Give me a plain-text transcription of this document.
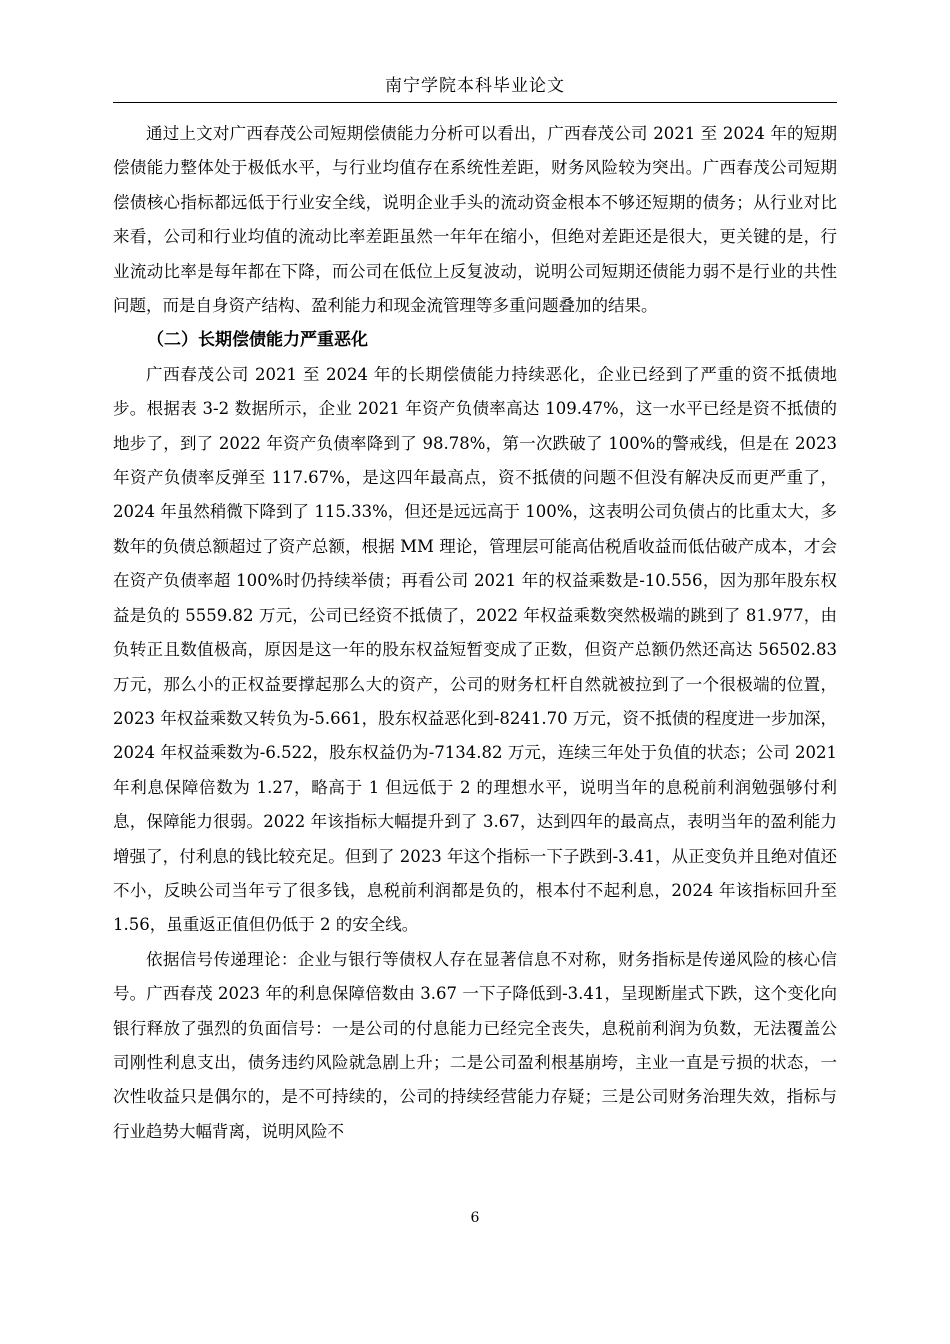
南宁学院本科毕业论文

通过上文对广西春茂公司短期偿债能力分析可以看出，广西春茂公司 2021 至 2024 年的短期偿债能力整体处于极低水平，与行业均值存在系统性差距，财务风险较为突出。广西春茂公司短期偿债核心指标都远低于行业安全线，说明企业手头的流动资金根本不够还短期的债务；从行业对比来看，公司和行业均值的流动比率差距虽然一年年在缩小，但绝对差距还是很大，更关键的是，行业流动比率是每年都在下降，而公司在低位上反复波动，说明公司短期还债能力弱不是行业的共性问题，而是自身资产结构、盈利能力和现金流管理等多重问题叠加的结果。

（二）长期偿债能力严重恶化

广西春茂公司 2021 至 2024 年的长期偿债能力持续恶化，企业已经到了严重的资不抵债地步。根据表 3-2 数据所示，企业 2021 年资产负债率高达 109.47%，这一水平已经是资不抵债的地步了，到了 2022 年资产负债率降到了 98.78%，第一次跌破了 100%的警戒线，但是在 2023 年资产负债率反弹至 117.67%，是这四年最高点，资不抵债的问题不但没有解决反而更严重了，2024 年虽然稍微下降到了 115.33%，但还是远远高于 100%，这表明公司负债占的比重太大，多数年的负债总额超过了资产总额，根据 MM 理论，管理层可能高估税盾收益而低估破产成本，才会在资产负债率超 100%时仍持续举债；再看公司 2021 年的权益乘数是-10.556，因为那年股东权益是负的 5559.82 万元，公司已经资不抵债了，2022 年权益乘数突然极端的跳到了 81.977，由负转正且数值极高，原因是这一年的股东权益短暂变成了正数，但资产总额仍然还高达 56502.83 万元，那么小的正权益要撑起那么大的资产，公司的财务杠杆自然就被拉到了一个很极端的位置，2023 年权益乘数又转负为-5.661，股东权益恶化到-8241.70 万元，资不抵债的程度进一步加深，2024 年权益乘数为-6.522，股东权益仍为-7134.82 万元，连续三年处于负值的状态；公司 2021 年利息保障倍数为 1.27，略高于 1 但远低于 2 的理想水平，说明当年的息税前利润勉强够付利息，保障能力很弱。2022 年该指标大幅提升到了 3.67，达到四年的最高点，表明当年的盈利能力增强了，付利息的钱比较充足。但到了 2023 年这个指标一下子跌到-3.41，从正变负并且绝对值还不小，反映公司当年亏了很多钱，息税前利润都是负的，根本付不起利息，2024 年该指标回升至 1.56，虽重返正值但仍低于 2 的安全线。

依据信号传递理论：企业与银行等债权人存在显著信息不对称，财务指标是传递风险的核心信号。广西春茂 2023 年的利息保障倍数由 3.67 一下子降低到-3.41，呈现断崖式下跌，这个变化向银行释放了强烈的负面信号：一是公司的付息能力已经完全丧失，息税前利润为负数，无法覆盖公司刚性利息支出，债务违约风险就急剧上升；二是公司盈利根基崩垮，主业一直是亏损的状态，一次性收益只是偶尔的，是不可持续的，公司的持续经营能力存疑；三是公司财务治理失效，指标与行业趋势大幅背离，说明风险不

6
